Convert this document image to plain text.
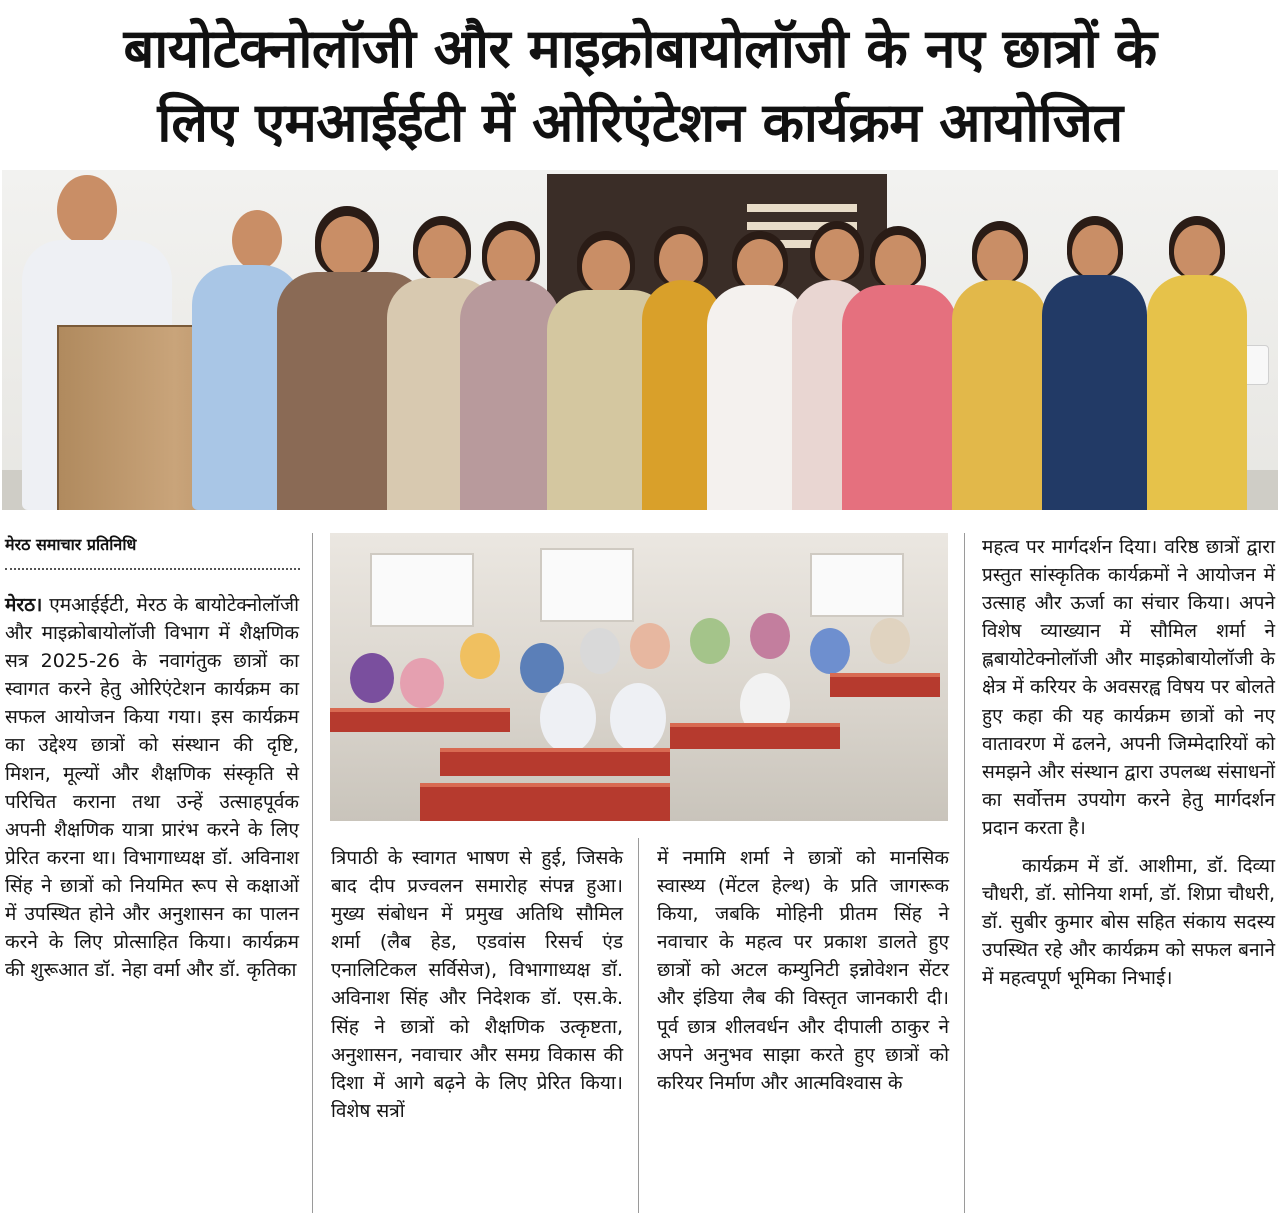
बायोटेक्नोलॉजी और माइक्रोबायोलॉजी के नए छात्रों के
लिए एमआईईटी में ओरिएंटेशन कार्यक्रम आयोजित
मेरठ समाचार प्रतिनिधि

मेरठ। एमआईईटी, मेरठ के बायोटेक्नोलॉजी और माइक्रोबायोलॉजी विभाग में शैक्षणिक सत्र 2025-26 के नवागंतुक छात्रों का स्वागत करने हेतु ओरिएंटेशन कार्यक्रम का सफल आयोजन किया गया। इस कार्यक्रम का उद्देश्य छात्रों को संस्थान की दृष्टि, मिशन, मूल्यों और शैक्षणिक संस्कृति से परिचित कराना तथा उन्हें उत्साहपूर्वक अपनी शैक्षणिक यात्रा प्रारंभ करने के लिए प्रेरित करना था। विभागाध्यक्ष डॉ. अविनाश सिंह ने छात्रों को नियमित रूप से कक्षाओं में उपस्थित होने और अनुशासन का पालन करने के लिए प्रोत्साहित किया। कार्यक्रम की शुरूआत डॉ. नेहा वर्मा और डॉ. कृतिका

त्रिपाठी के स्वागत भाषण से हुई, जिसके बाद दीप प्रज्वलन समारोह संपन्न हुआ। मुख्य संबोधन में प्रमुख अतिथि सौमिल शर्मा (लैब हेड, एडवांस रिसर्च एंड एनालिटिकल सर्विसेज), विभागाध्यक्ष डॉ. अविनाश सिंह और निदेशक डॉ. एस.के. सिंह ने छात्रों को शैक्षणिक उत्कृष्टता, अनुशासन, नवाचार और समग्र विकास की दिशा में आगे बढ़ने के लिए प्रेरित किया। विशेष सत्रों

में नमामि शर्मा ने छात्रों को मानसिक स्वास्थ्य (मेंटल हेल्थ) के प्रति जागरूक किया, जबकि मोहिनी प्रीतम सिंह ने नवाचार के महत्व पर प्रकाश डालते हुए छात्रों को अटल कम्युनिटी इन्नोवेशन सेंटर और इंडिया लैब की विस्तृत जानकारी दी। पूर्व छात्र शीलवर्धन और दीपाली ठाकुर ने अपने अनुभव साझा करते हुए छात्रों को करियर निर्माण और आत्मविश्वास के

महत्व पर मार्गदर्शन दिया। वरिष्ठ छात्रों द्वारा प्रस्तुत सांस्कृतिक कार्यक्रमों ने आयोजन में उत्साह और ऊर्जा का संचार किया। अपने विशेष व्याख्यान में सौमिल शर्मा ने ह्लबायोटेक्नोलॉजी और माइक्रोबायोलॉजी के क्षेत्र में करियर के अवसरह्व विषय पर बोलते हुए कहा की यह कार्यक्रम छात्रों को नए वातावरण में ढलने, अपनी जिम्मेदारियों को समझने और संस्थान द्वारा उपलब्ध संसाधनों का सर्वोत्तम उपयोग करने हेतु मार्गदर्शन प्रदान करता है।

कार्यक्रम में डॉ. आशीमा, डॉ. दिव्या चौधरी, डॉ. सोनिया शर्मा, डॉ. शिप्रा चौधरी, डॉ. सुबीर कुमार बोस सहित संकाय सदस्य उपस्थित रहे और कार्यक्रम को सफल बनाने में महत्वपूर्ण भूमिका निभाई।
